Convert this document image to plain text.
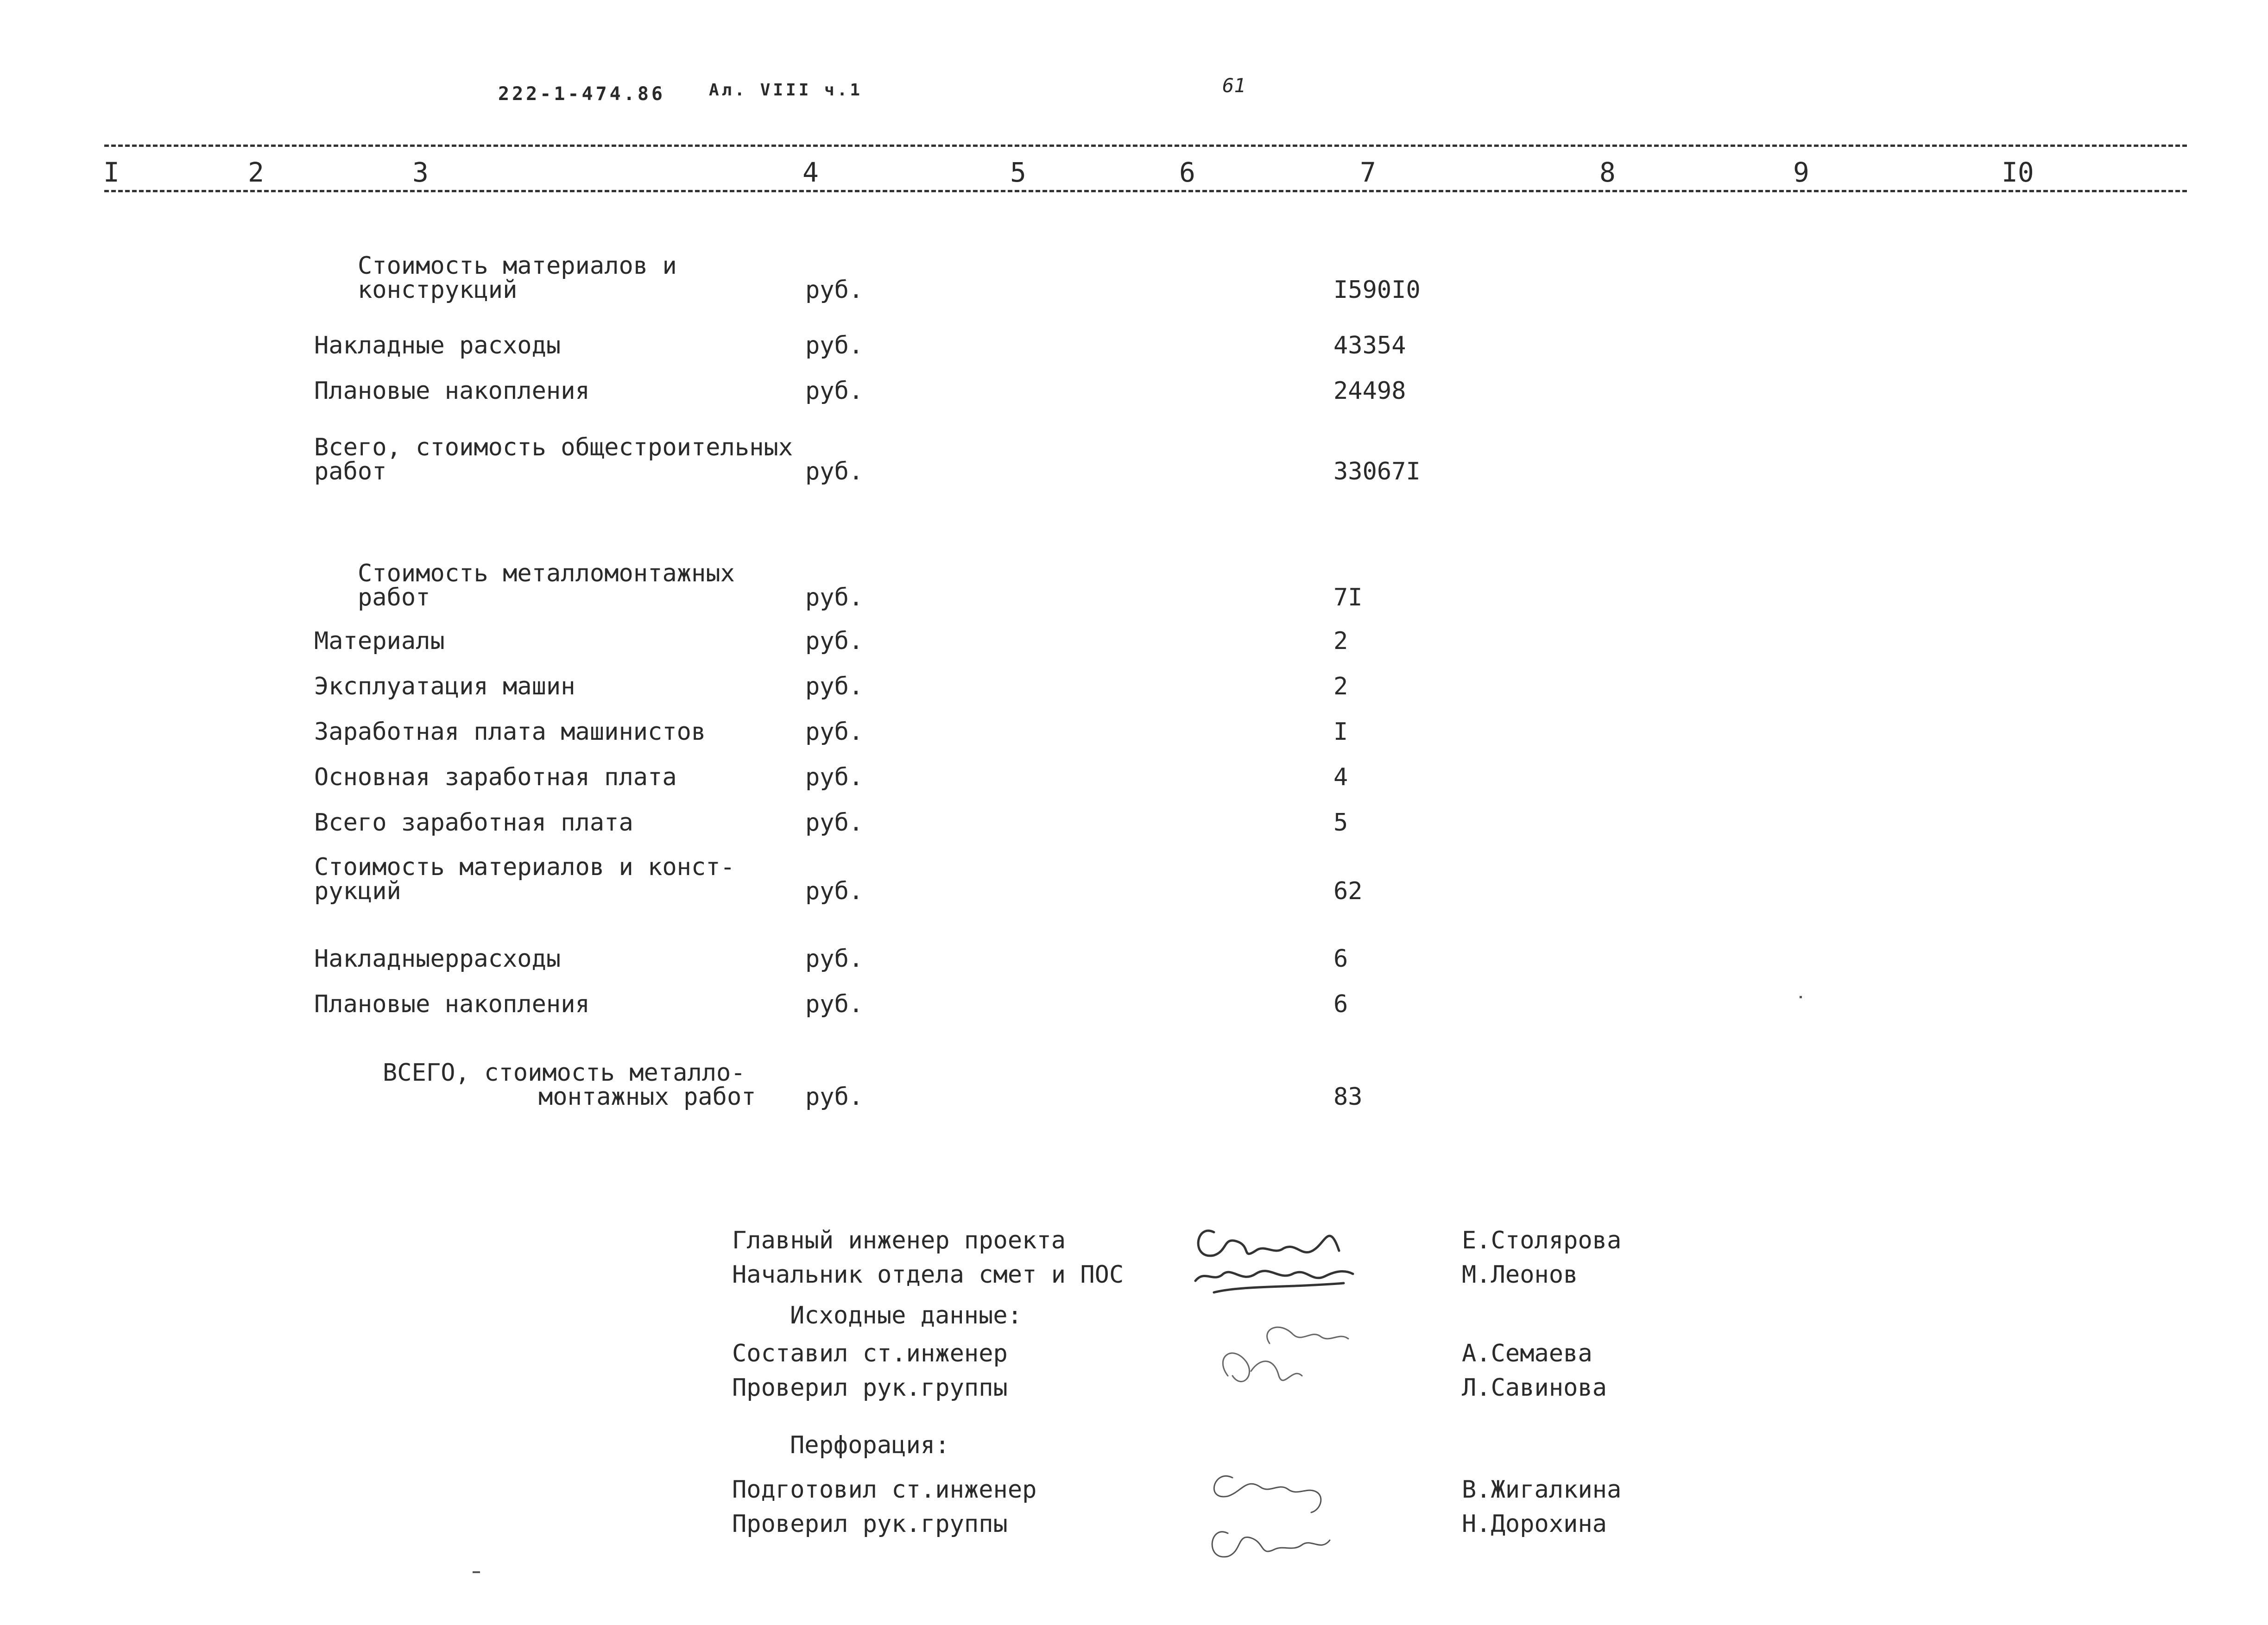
222-1-474.86	Ал. VIII ч.1	61
I	2	3	4	5	6	7	8	9	I0
Стоимость материалов и
конструкций	руб.	I590I0
Накладные расходы	руб.	43354
Плановые накопления	руб.	24498
Всего, стоимость общестроительных
работ	руб.	33067I
Стоимость металломонтажных
работ	руб.	7I
Материалы	руб.	2
Эксплуатация машин	руб.	2
Заработная плата машинистов	руб.	I
Основная заработная плата	руб.	4
Всего заработная плата	руб.	5
Стоимость материалов и конст-
рукций	руб.	62
Накладныеррасходы	руб.	6
Плановые накопления	руб.	6
ВСЕГО, стоимость металло-
монтажных работ руб.	83
Главный инженер проекта	Е.Столярова
Начальник отдела смет и ПОС	М.Леонов
Исходные данные:
Составил ст.инженер	А.Семаева
Проверил рук.группы	Л.Савинова
Перфорация:
Подготовил ст.инженер	В.Жигалкина
Проверил рук.группы	Н.Дорохина
